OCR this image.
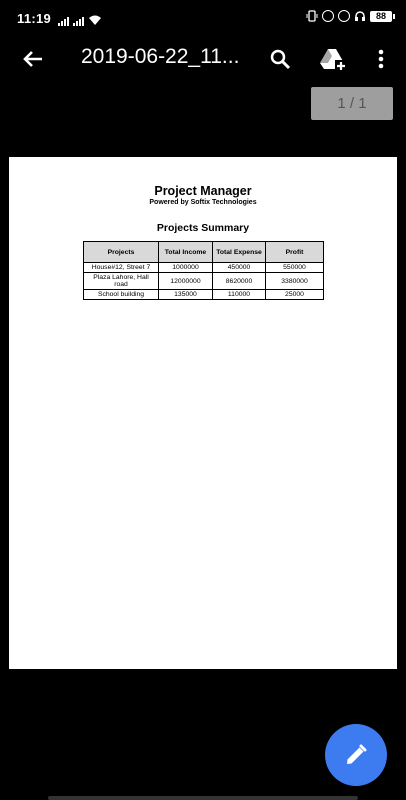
11:19	88
2019-06-22_11...
1 / 1
Project Manager
Powered by Softix Technologies
Projects Summary
Projects	Total Income	Total Expense	Profit
House#12, Street 7	1000000	450000	550000
Plaza Lahore, Hall road	12000000	8620000	3380000
School building	135000	110000	25000
